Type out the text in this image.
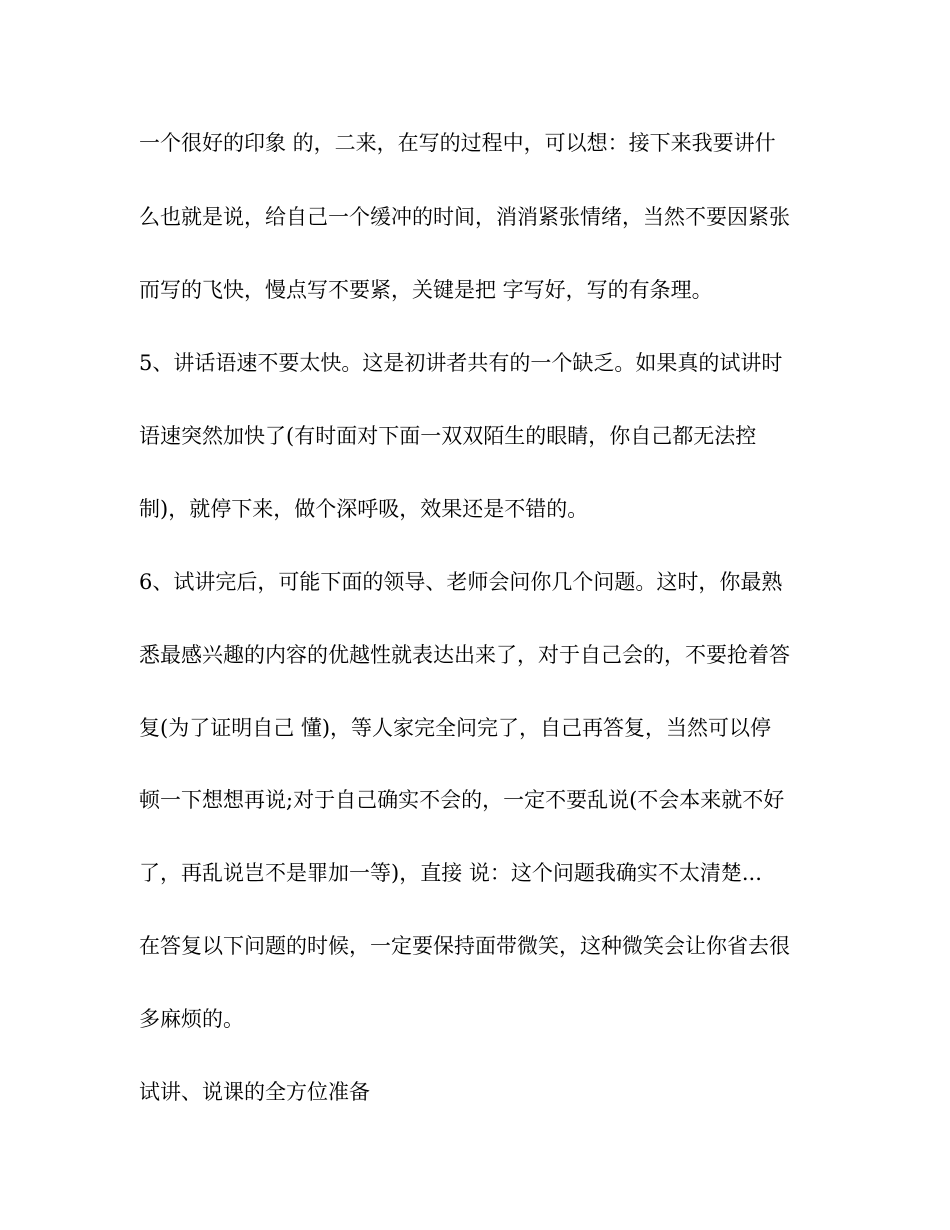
一个很好的印象 的，二来，在写的过程中，可以想：接下来我要讲什

么也就是说，给自己一个缓冲的时间，消消紧张情绪，当然不要因紧张

而写的飞快，慢点写不要紧，关键是把 字写好，写的有条理。

5、讲话语速不要太快。这是初讲者共有的一个缺乏。如果真的试讲时

语速突然加快了(有时面对下面一双双陌生的眼睛，你自己都无法控

制)，就停下来，做个深呼吸，效果还是不错的。

6、试讲完后，可能下面的领导、老师会问你几个问题。这时，你最熟

悉最感兴趣的内容的优越性就表达出来了，对于自己会的，不要抢着答

复(为了证明自己 懂)，等人家完全问完了，自己再答复，当然可以停

顿一下想想再说;对于自己确实不会的，一定不要乱说(不会本来就不好

了，再乱说岂不是罪加一等)，直接 说：这个问题我确实不太清楚...

在答复以下问题的时候，一定要保持面带微笑，这种微笑会让你省去很

多麻烦的。

试讲、说课的全方位准备
